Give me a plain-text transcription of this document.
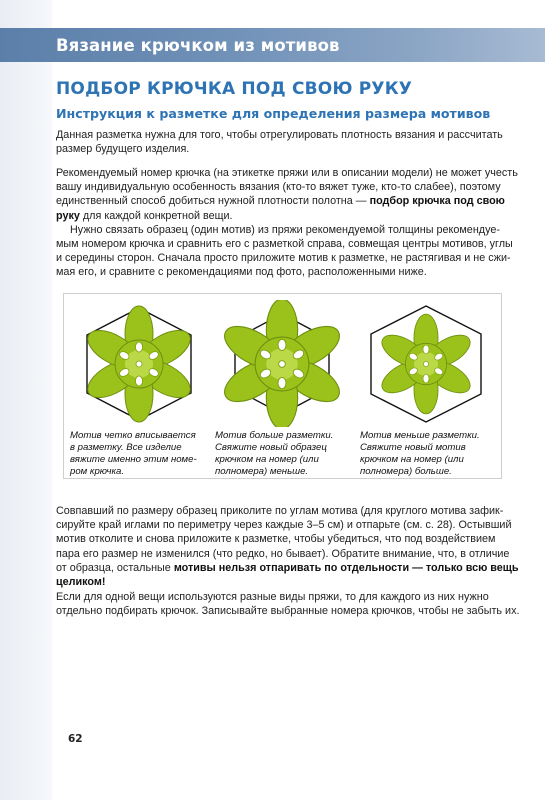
Вязание крючком из мотивов
ПОДБОР КРЮЧКА ПОД СВОЮ РУКУ
Инструкция к разметке для определения размера мотивов
Данная разметка нужна для того, чтобы отрегулировать плотность вязания и рассчитать
размер будущего изделия.
Рекомендуемый номер крючка (на этикетке пряжи или в описании модели) не может учесть
вашу индивидуальную особенность вязания (кто-то вяжет туже, кто-то слабее), поэтому
единственный способ добиться нужной плотности полотна — подбор крючка под свою
руку для каждой конкретной вещи.
Нужно связать образец (один мотив) из пряжи рекомендуемой толщины рекомендуе-
мым номером крючка и сравнить его с разметкой справа, совмещая центры мотивов, углы
и середины сторон. Сначала просто приложите мотив к разметке, не растягивая и не сжи-
мая его, и сравните с рекомендациями под фото, расположенными ниже.
Мотив четко вписывается
в разметку. Все изделие
вяжите именно этим номе-
ром крючка.
Мотив больше разметки.
Свяжите новый образец
крючком на номер (или
полномера) меньше.
Мотив меньше разметки.
Свяжите новый мотив
крючком на номер (или
полномера) больше.
Совпавший по размеру образец приколите по углам мотива (для круглого мотива зафик-
сируйте край иглами по периметру через каждые 3–5 см) и отпарьте (см. с. 28). Остывший
мотив отколите и снова приложите к разметке, чтобы убедиться, что под воздействием
пара его размер не изменился (что редко, но бывает). Обратите внимание, что, в отличие
от образца, остальные мотивы нельзя отпаривать по отдельности — только всю вещь
целиком!
Если для одной вещи используются разные виды пряжи, то для каждого из них нужно
отдельно подбирать крючок. Записывайте выбранные номера крючков, чтобы не забыть их.
62
